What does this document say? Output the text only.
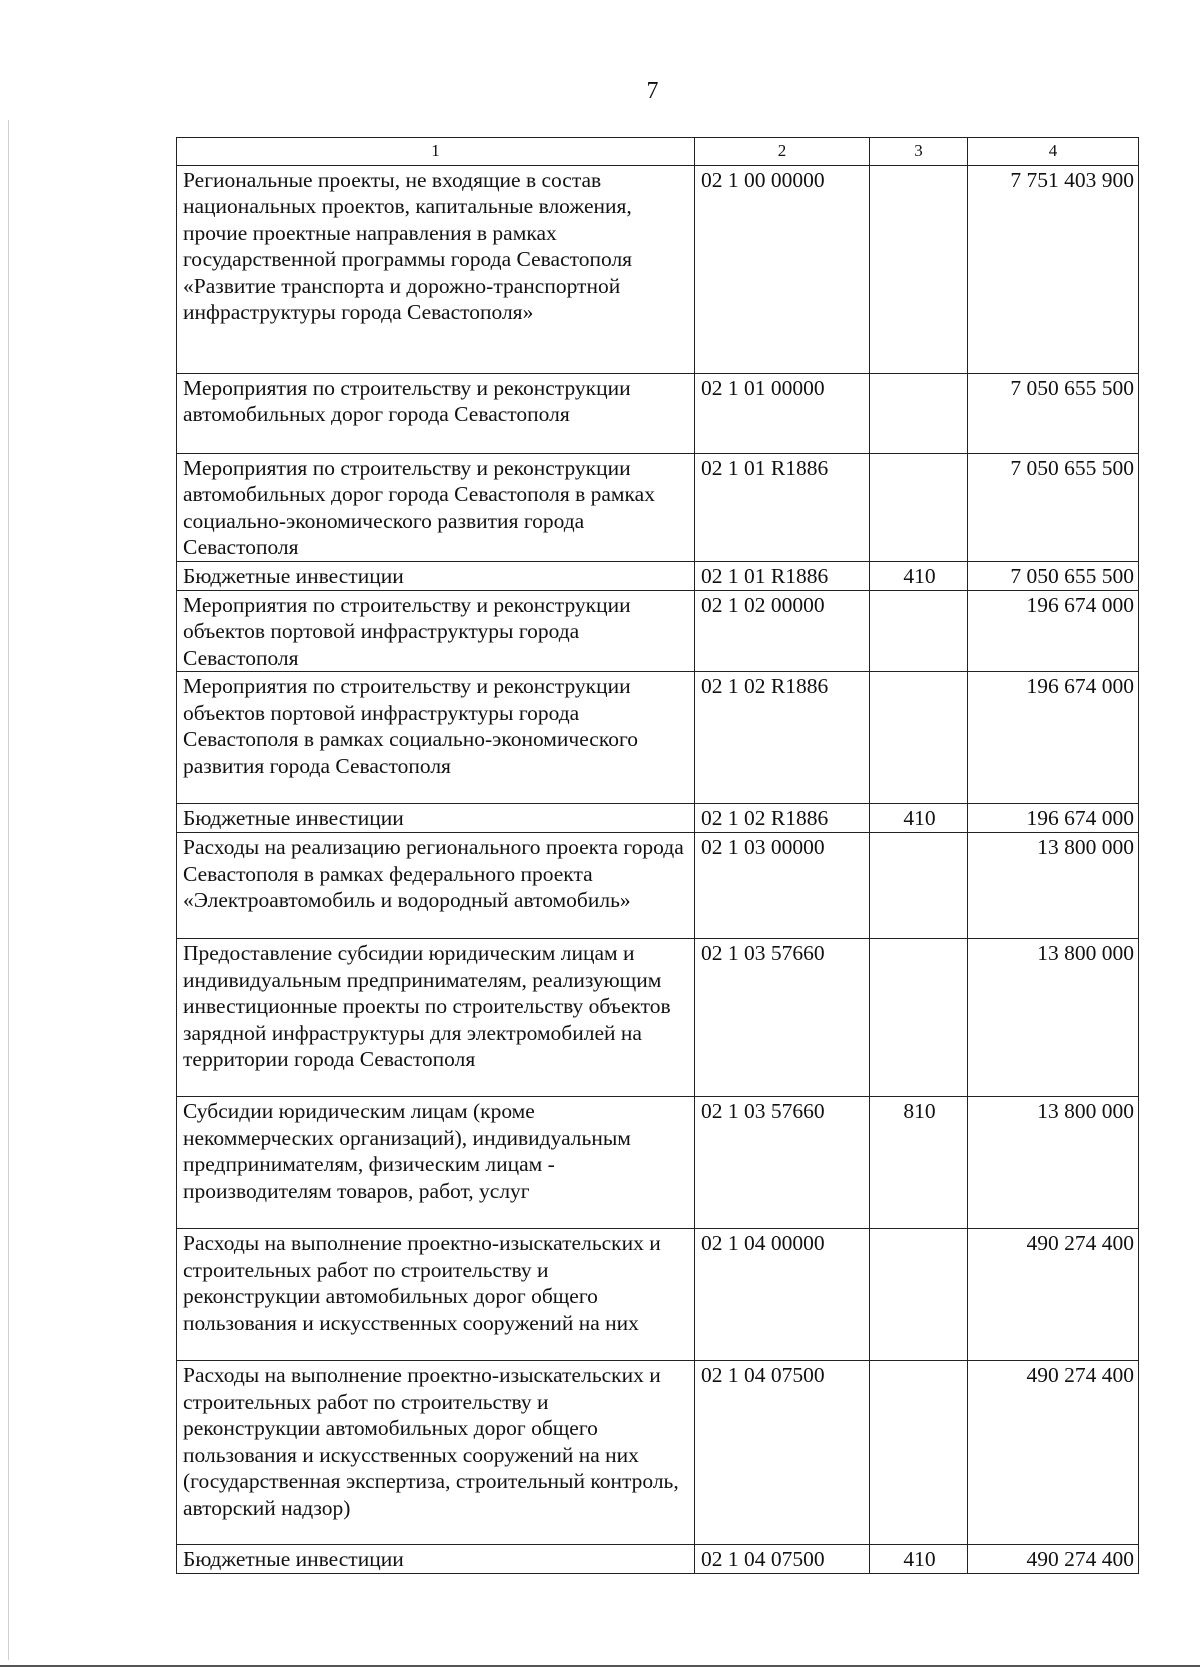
7
1	2	3	4
Региональные проекты, не входящие в состав национальных проектов, капитальные вложения, прочие проектные направления в рамках государственной программы города Севастополя «Развитие транспорта и дорожно-транспортной инфраструктуры города Севастополя»	02 1 00 00000		7 751 403 900
Мероприятия по строительству и реконструкции автомобильных дорог города Севастополя	02 1 01 00000		7 050 655 500
Мероприятия по строительству и реконструкции автомобильных дорог города Севастополя в рамках социально-экономического развития города Севастополя	02 1 01 R1886		7 050 655 500
Бюджетные инвестиции	02 1 01 R1886	410	7 050 655 500
Мероприятия по строительству и реконструкции объектов портовой инфраструктуры города Севастополя	02 1 02 00000		196 674 000
Мероприятия по строительству и реконструкции объектов портовой инфраструктуры города Севастополя в рамках социально-экономического развития города Севастополя	02 1 02 R1886		196 674 000
Бюджетные инвестиции	02 1 02 R1886	410	196 674 000
Расходы на реализацию регионального проекта города Севастополя в рамках федерального проекта «Электроавтомобиль и водородный автомобиль»	02 1 03 00000		13 800 000
Предоставление субсидии юридическим лицам и индивидуальным предпринимателям, реализующим инвестиционные проекты по строительству объектов зарядной инфраструктуры для электромобилей на территории города Севастополя	02 1 03 57660		13 800 000
Субсидии юридическим лицам (кроме некоммерческих организаций), индивидуальным предпринимателям, физическим лицам - производителям товаров, работ, услуг	02 1 03 57660	810	13 800 000
Расходы на выполнение проектно-изыскательских и строительных работ по строительству и реконструкции автомобильных дорог общего пользования и искусственных сооружений на них	02 1 04 00000		490 274 400
Расходы на выполнение проектно-изыскательских и строительных работ по строительству и реконструкции автомобильных дорог общего пользования и искусственных сооружений на них (государственная экспертиза, строительный контроль, авторский надзор)	02 1 04 07500		490 274 400
Бюджетные инвестиции	02 1 04 07500	410	490 274 400
